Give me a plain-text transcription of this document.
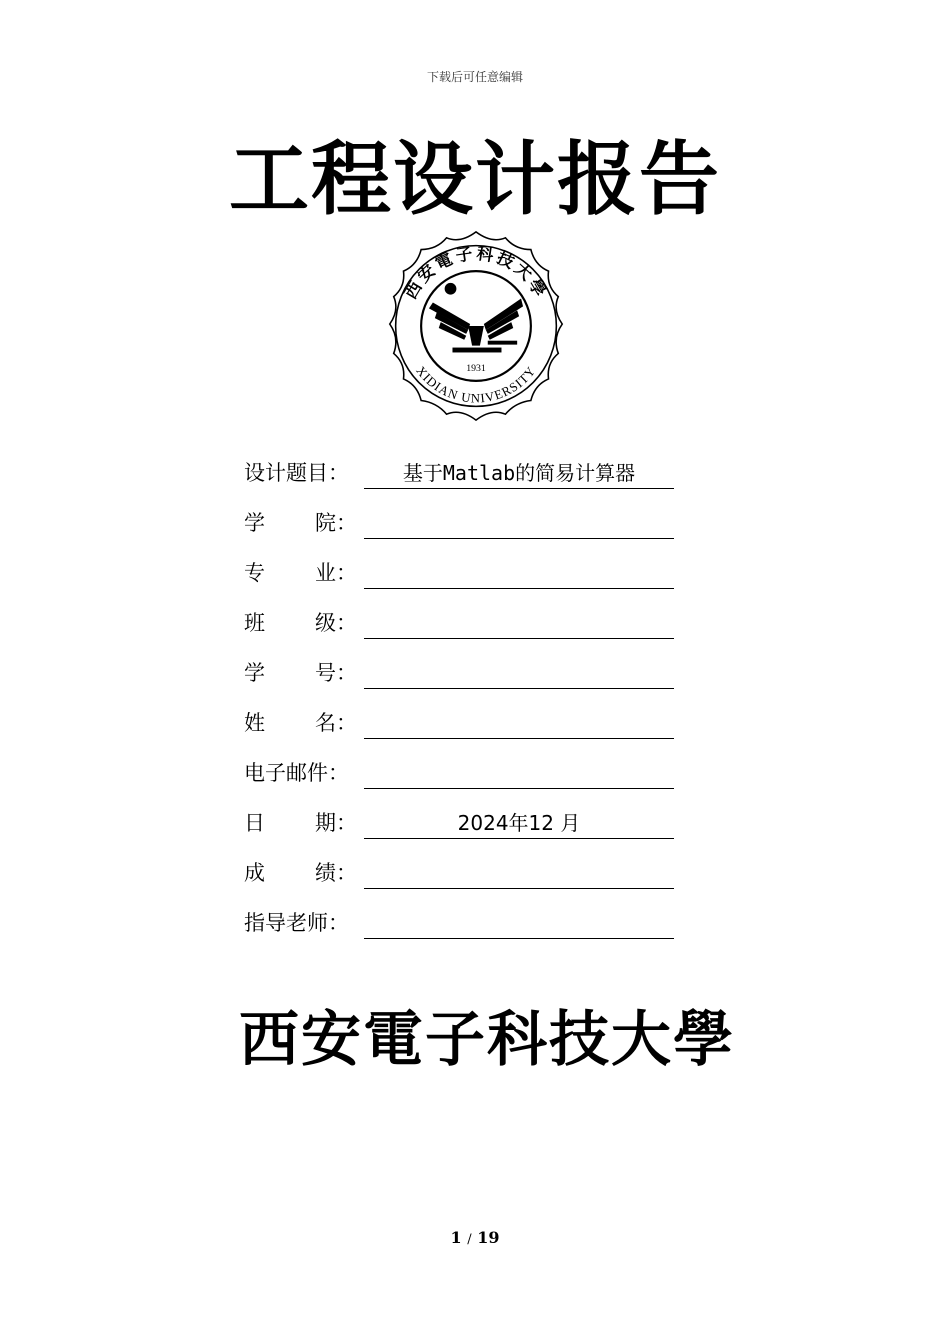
下载后可任意编辑
工程设计报告
西安電子科技大學
XIDIAN UNIVERSITY
1931
设计题目：	基于Matlab的简易计算器
学院：
专业：
班级：
学号：
姓名：
电子邮件：
日期：	2024年12 月
成绩：
指导老师：
西安電子科技大學
1 / 19
